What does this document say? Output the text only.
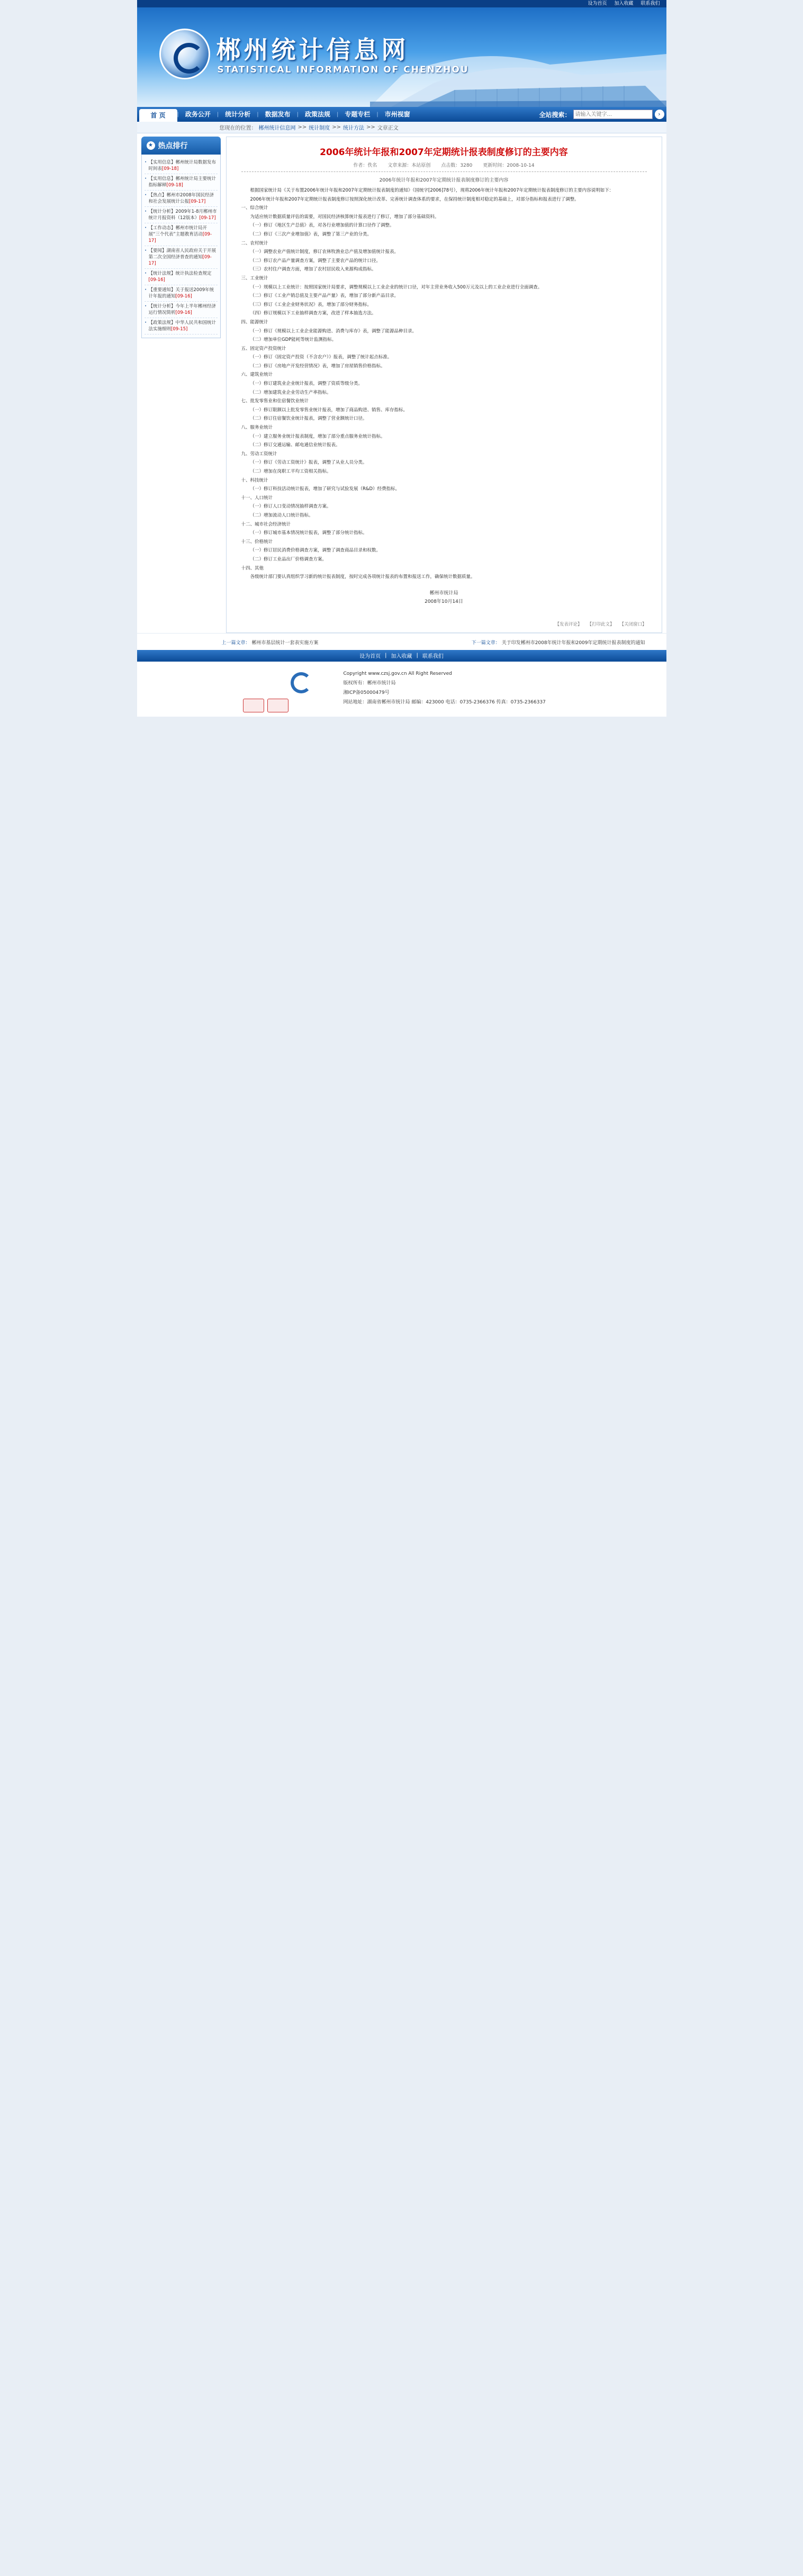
设为首页 加入收藏 联系我们
郴州统计信息网
STATISTICAL INFORMATION OF CHENZHOU
首 页	| 政务公开	| 统计分析	| 数据发布	| 政策法规	| 专题专栏	| 市州视窗	全站搜索：
请输入关键字...	›
您现在的位置： 郴州统计信息网 >> 统计制度 >> 统计方法 >> 文章正文
★ 热点排行
· 【实用信息】郴州统计局数据发布时间表[09-18]
· 【实用信息】郴州统计局主要统计指标解释[09-18]
· 【热点】郴州市2008年国民经济和社会发展统计公报[09-17]
· 【统计分析】2009年1-8月郴州市统计月报资料（12版本）[09-17]
· 【工作动态】郴州市统计局开展“三个代表”主题教育活动[09-17]
· 【要闻】湖南省人民政府关于开展第二次全国经济普查的通知[09-17]
· 【统计法规】统计执法检查规定[09-16]
· 【重要通知】关于报送2009年统计年报的通知[09-16]
· 【统计分析】今年上半年郴州经济运行情况简析[09-16]
· 【政策法规】中华人民共和国统计法实施细则[09-15]
2006年统计年报和2007年定期统计报表制度修订的主要内容
作者：佚名 文章来源：本站原创 点击数：3280 更新时间：2008-10-14
2006年统计年报和2007年定期统计报表制度修订的主要内容

根据国家统计局《关于布置2006年统计年报和2007年定期统计报表制度的通知》（国统字[2006]78号），现将2006年统计年报和2007年定期统计报表制度修订的主要内容说明如下：

2006年统计年报和2007年定期统计报表制度修订按照深化统计改革、完善统计调查体系的要求，在保持统计制度相对稳定的基础上，对部分指标和报表进行了调整。

一、综合统计

为适应统计数据质量评估的需要，对国民经济核算统计报表进行了修订，增加了部分基础资料。

（一）修订《地区生产总值》表，对各行业增加值的计算口径作了调整。

（二）修订《三次产业增加值》表，调整了第三产业的分类。

二、农村统计

（一）调整农业产值统计制度，修订农林牧渔业总产值及增加值统计报表。

（二）修订农产品产量调查方案，调整了主要农产品的统计口径。

（三）农村住户调查方面，增加了农村居民收入来源构成指标。

三、工业统计

（一）规模以上工业统计：按照国家统计局要求，调整规模以上工业企业的统计口径，对年主营业务收入500万元及以上的工业企业进行全面调查。

（二）修订《工业产销总值及主要产品产量》表，增加了部分新产品目录。

（三）修订《工业企业财务状况》表，增加了部分财务指标。

（四）修订规模以下工业抽样调查方案，改进了样本抽选方法。

四、能源统计

（一）修订《规模以上工业企业能源购进、消费与库存》表，调整了能源品种目录。

（二）增加单位GDP能耗等统计监测指标。

五、固定资产投资统计

（一）修订《固定资产投资（不含农户）》报表，调整了统计起点标准。

（二）修订《房地产开发经营情况》表，增加了房屋销售价格指标。

六、建筑业统计

（一）修订建筑业企业统计报表，调整了资质等级分类。

（二）增加建筑业企业劳动生产率指标。

七、批发零售业和住宿餐饮业统计

（一）修订限额以上批发零售业统计报表，增加了商品购进、销售、库存指标。

（二）修订住宿餐饮业统计报表，调整了营业额统计口径。

八、服务业统计

（一）建立服务业统计报表制度，增加了部分重点服务业统计指标。

（二）修订交通运输、邮电通信业统计报表。

九、劳动工资统计

（一）修订《劳动工资统计》报表，调整了从业人员分类。

（二）增加在岗职工平均工资相关指标。

十、科技统计

（一）修订科技活动统计报表，增加了研究与试验发展（R&D）经费指标。

十一、人口统计

（一）修订人口变动情况抽样调查方案。

（二）增加流动人口统计指标。

十二、城市社会经济统计

（一）修订城市基本情况统计报表，调整了部分统计指标。

十三、价格统计

（一）修订居民消费价格调查方案，调整了调查商品目录和权数。

（二）修订工业品出厂价格调查方案。

十四、其他

各级统计部门要认真组织学习新的统计报表制度，按时完成各项统计报表的布置和报送工作，确保统计数据质量。

郴州市统计局
2008年10月14日
【发表评论】 【打印此文】 【关闭窗口】
上一篇文章： 郴州市基层统计一套表实施方案	下一篇文章： 关于印发郴州市2008年统计年报和2009年定期统计报表制度的通知
设为首页 | 加入收藏 | 联系我们
Copyright www.czsj.gov.cn All Right Reserved
版权所有：郴州市统计局
湘ICP备05000479号
网站地址：湖南省郴州市统计局 邮编：423000 电话：0735-2366376 传真：0735-2366337
